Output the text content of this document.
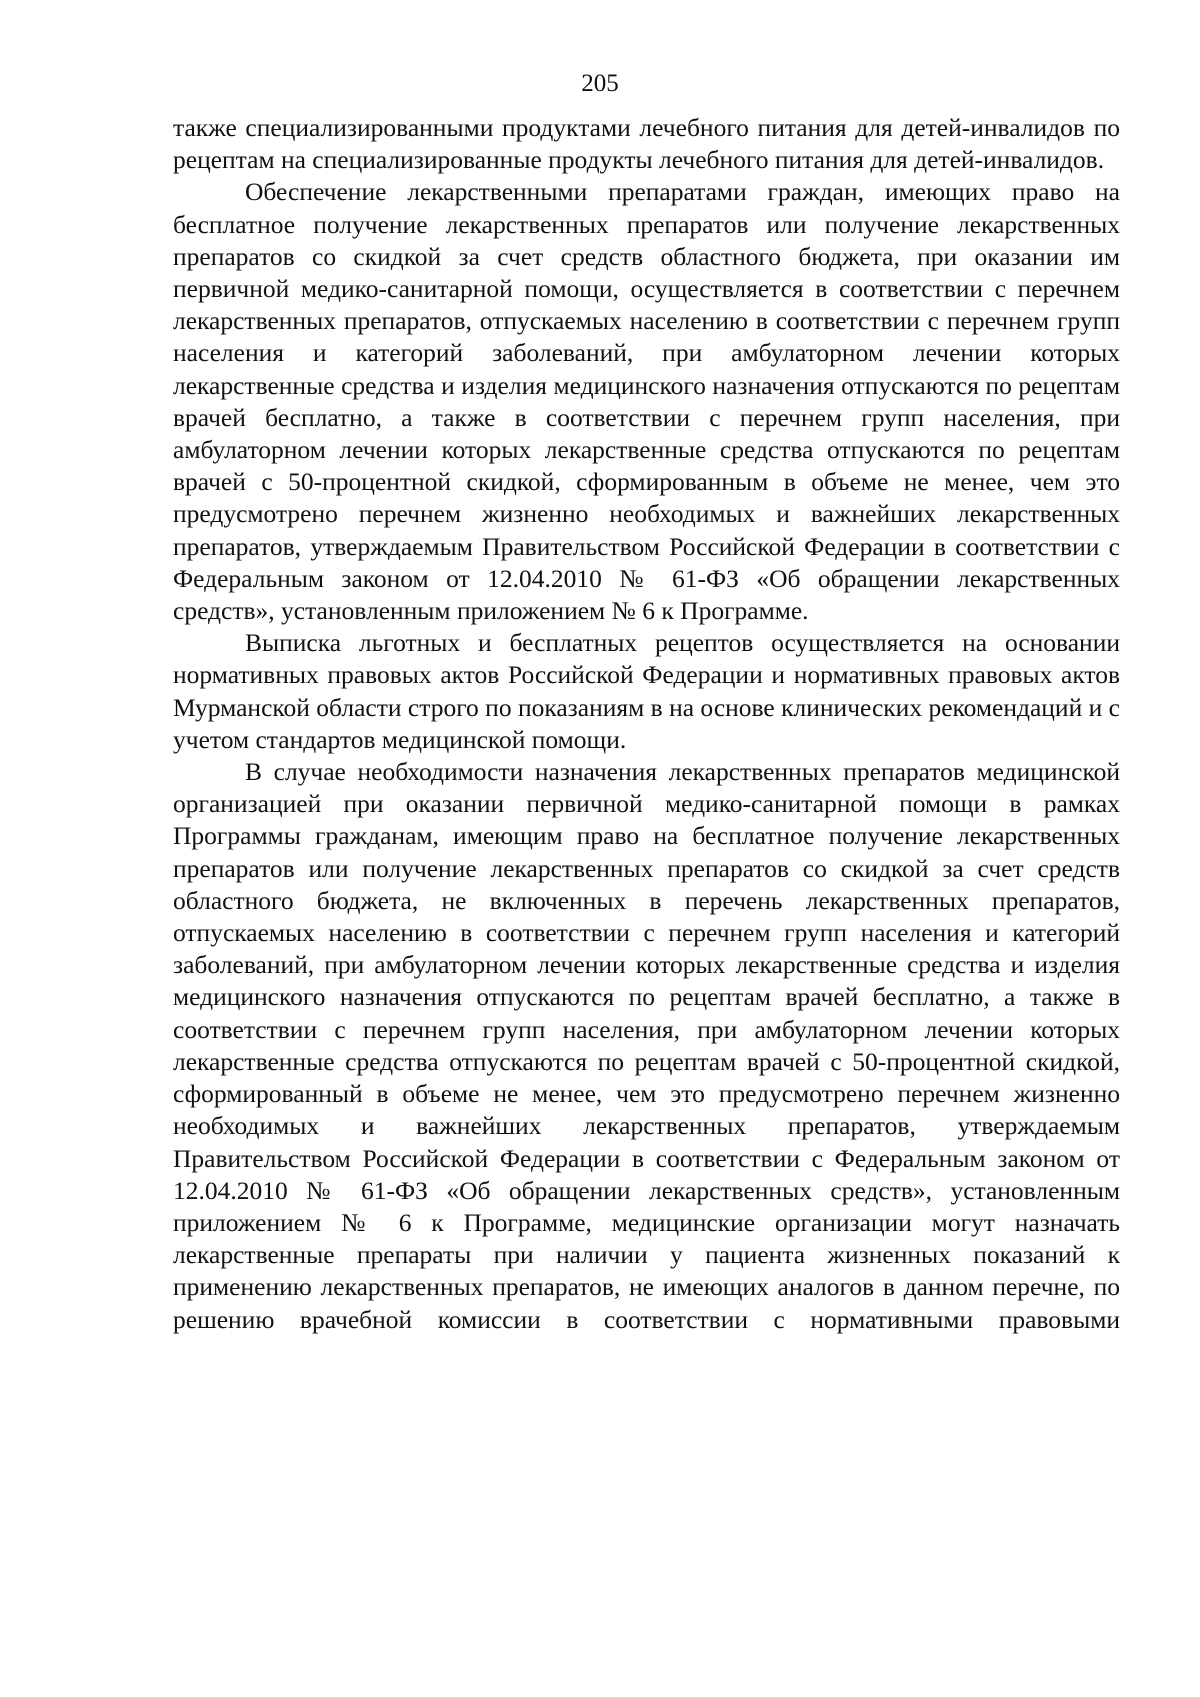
205

также специализированными продуктами лечебного питания для детей-инвалидов по рецептам на специализированные продукты лечебного питания для детей-инвалидов.

Обеспечение лекарственными препаратами граждан, имеющих право на бесплатное получение лекарственных препаратов или получение лекарственных препаратов со скидкой за счет средств областного бюджета, при оказании им первичной медико-санитарной помощи, осуществляется в соответствии с перечнем лекарственных препаратов, отпускаемых населению в соответствии с перечнем групп населения и категорий заболеваний, при амбулаторном лечении которых лекарственные средства и изделия медицинского назначения отпускаются по рецептам врачей бесплатно, а также в соответствии с перечнем групп населения, при амбулаторном лечении которых лекарственные средства отпускаются по рецептам врачей с 50-процентной скидкой, сформированным в объеме не менее, чем это предусмотрено перечнем жизненно необходимых и важнейших лекарственных препаратов, утверждаемым Правительством Российской Федерации в соответствии с Федеральным законом от 12.04.2010 № 61-ФЗ «Об обращении лекарственных средств», установленным приложением № 6 к Программе.

Выписка льготных и бесплатных рецептов осуществляется на основании нормативных правовых актов Российской Федерации и нормативных правовых актов Мурманской области строго по показаниям в на основе клинических рекомендаций и с учетом стандартов медицинской помощи.

В случае необходимости назначения лекарственных препаратов медицинской организацией при оказании первичной медико-санитарной помощи в рамках Программы гражданам, имеющим право на бесплатное получение лекарственных препаратов или получение лекарственных препаратов со скидкой за счет средств областного бюджета, не включенных в перечень лекарственных препаратов, отпускаемых населению в соответствии с перечнем групп населения и категорий заболеваний, при амбулаторном лечении которых лекарственные средства и изделия медицинского назначения отпускаются по рецептам врачей бесплатно, а также в соответствии с перечнем групп населения, при амбулаторном лечении которых лекарственные средства отпускаются по рецептам врачей с 50-процентной скидкой, сформированный в объеме не менее, чем это предусмотрено перечнем жизненно необходимых и важнейших лекарственных препаратов, утверждаемым Правительством Российской Федерации в соответствии с Федеральным законом от 12.04.2010 № 61-ФЗ «Об обращении лекарственных средств», установленным приложением № 6 к Программе, медицинские организации могут назначать лекарственные препараты при наличии у пациента жизненных показаний к применению лекарственных препаратов, не имеющих аналогов в данном перечне, по решению врачебной комиссии в соответствии с нормативными правовыми
